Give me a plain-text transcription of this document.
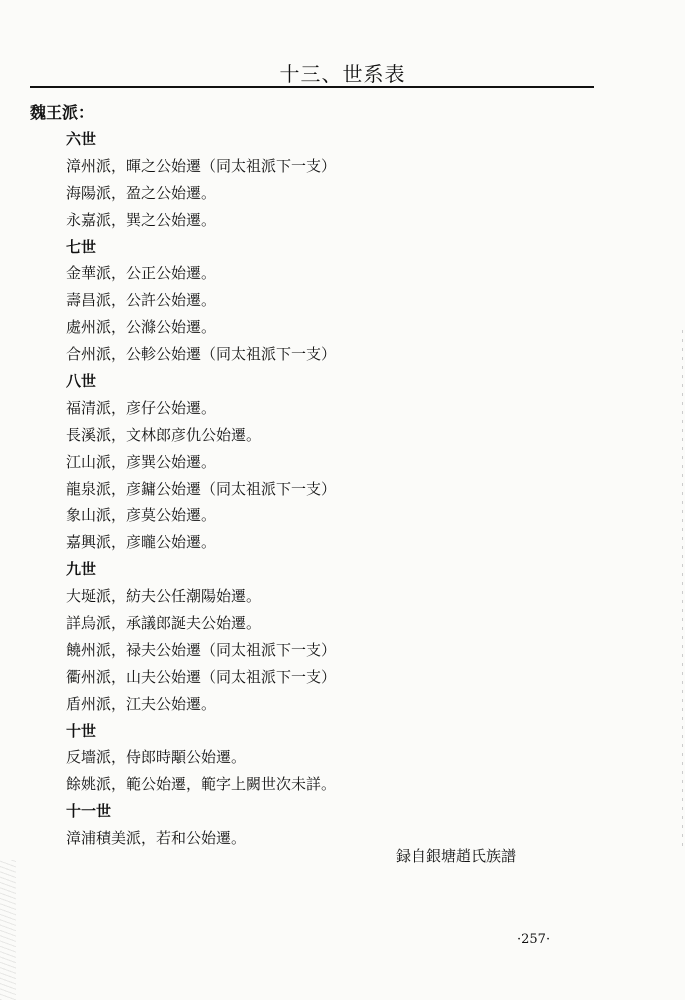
十三、世系表
魏王派：
六世
漳州派，暉之公始遷（同太祖派下一支）
海陽派，盈之公始遷。
永嘉派，巽之公始遷。
七世
金華派，公正公始遷。
壽昌派，公許公始遷。
處州派，公滌公始遷。
合州派，公軫公始遷（同太祖派下一支）
八世
福清派，彦仔公始遷。
長溪派，文林郎彦仇公始遷。
江山派，彦巽公始遷。
龍泉派，彦鏞公始遷（同太祖派下一支）
象山派，彦莫公始遷。
嘉興派，彦曨公始遷。
九世
大埏派，紡夫公任潮陽始遷。
詳烏派，承議郎誕夫公始遷。
饒州派，禄夫公始遷（同太祖派下一支）
衢州派，山夫公始遷（同太祖派下一支）
盾州派，江夫公始遷。
十世
反墻派，侍郎時顒公始遷。
餘姚派，範公始遷，範字上闕世次未詳。
十一世
漳浦積美派，若和公始遷。
録自銀塘趙氏族譜
·257·
